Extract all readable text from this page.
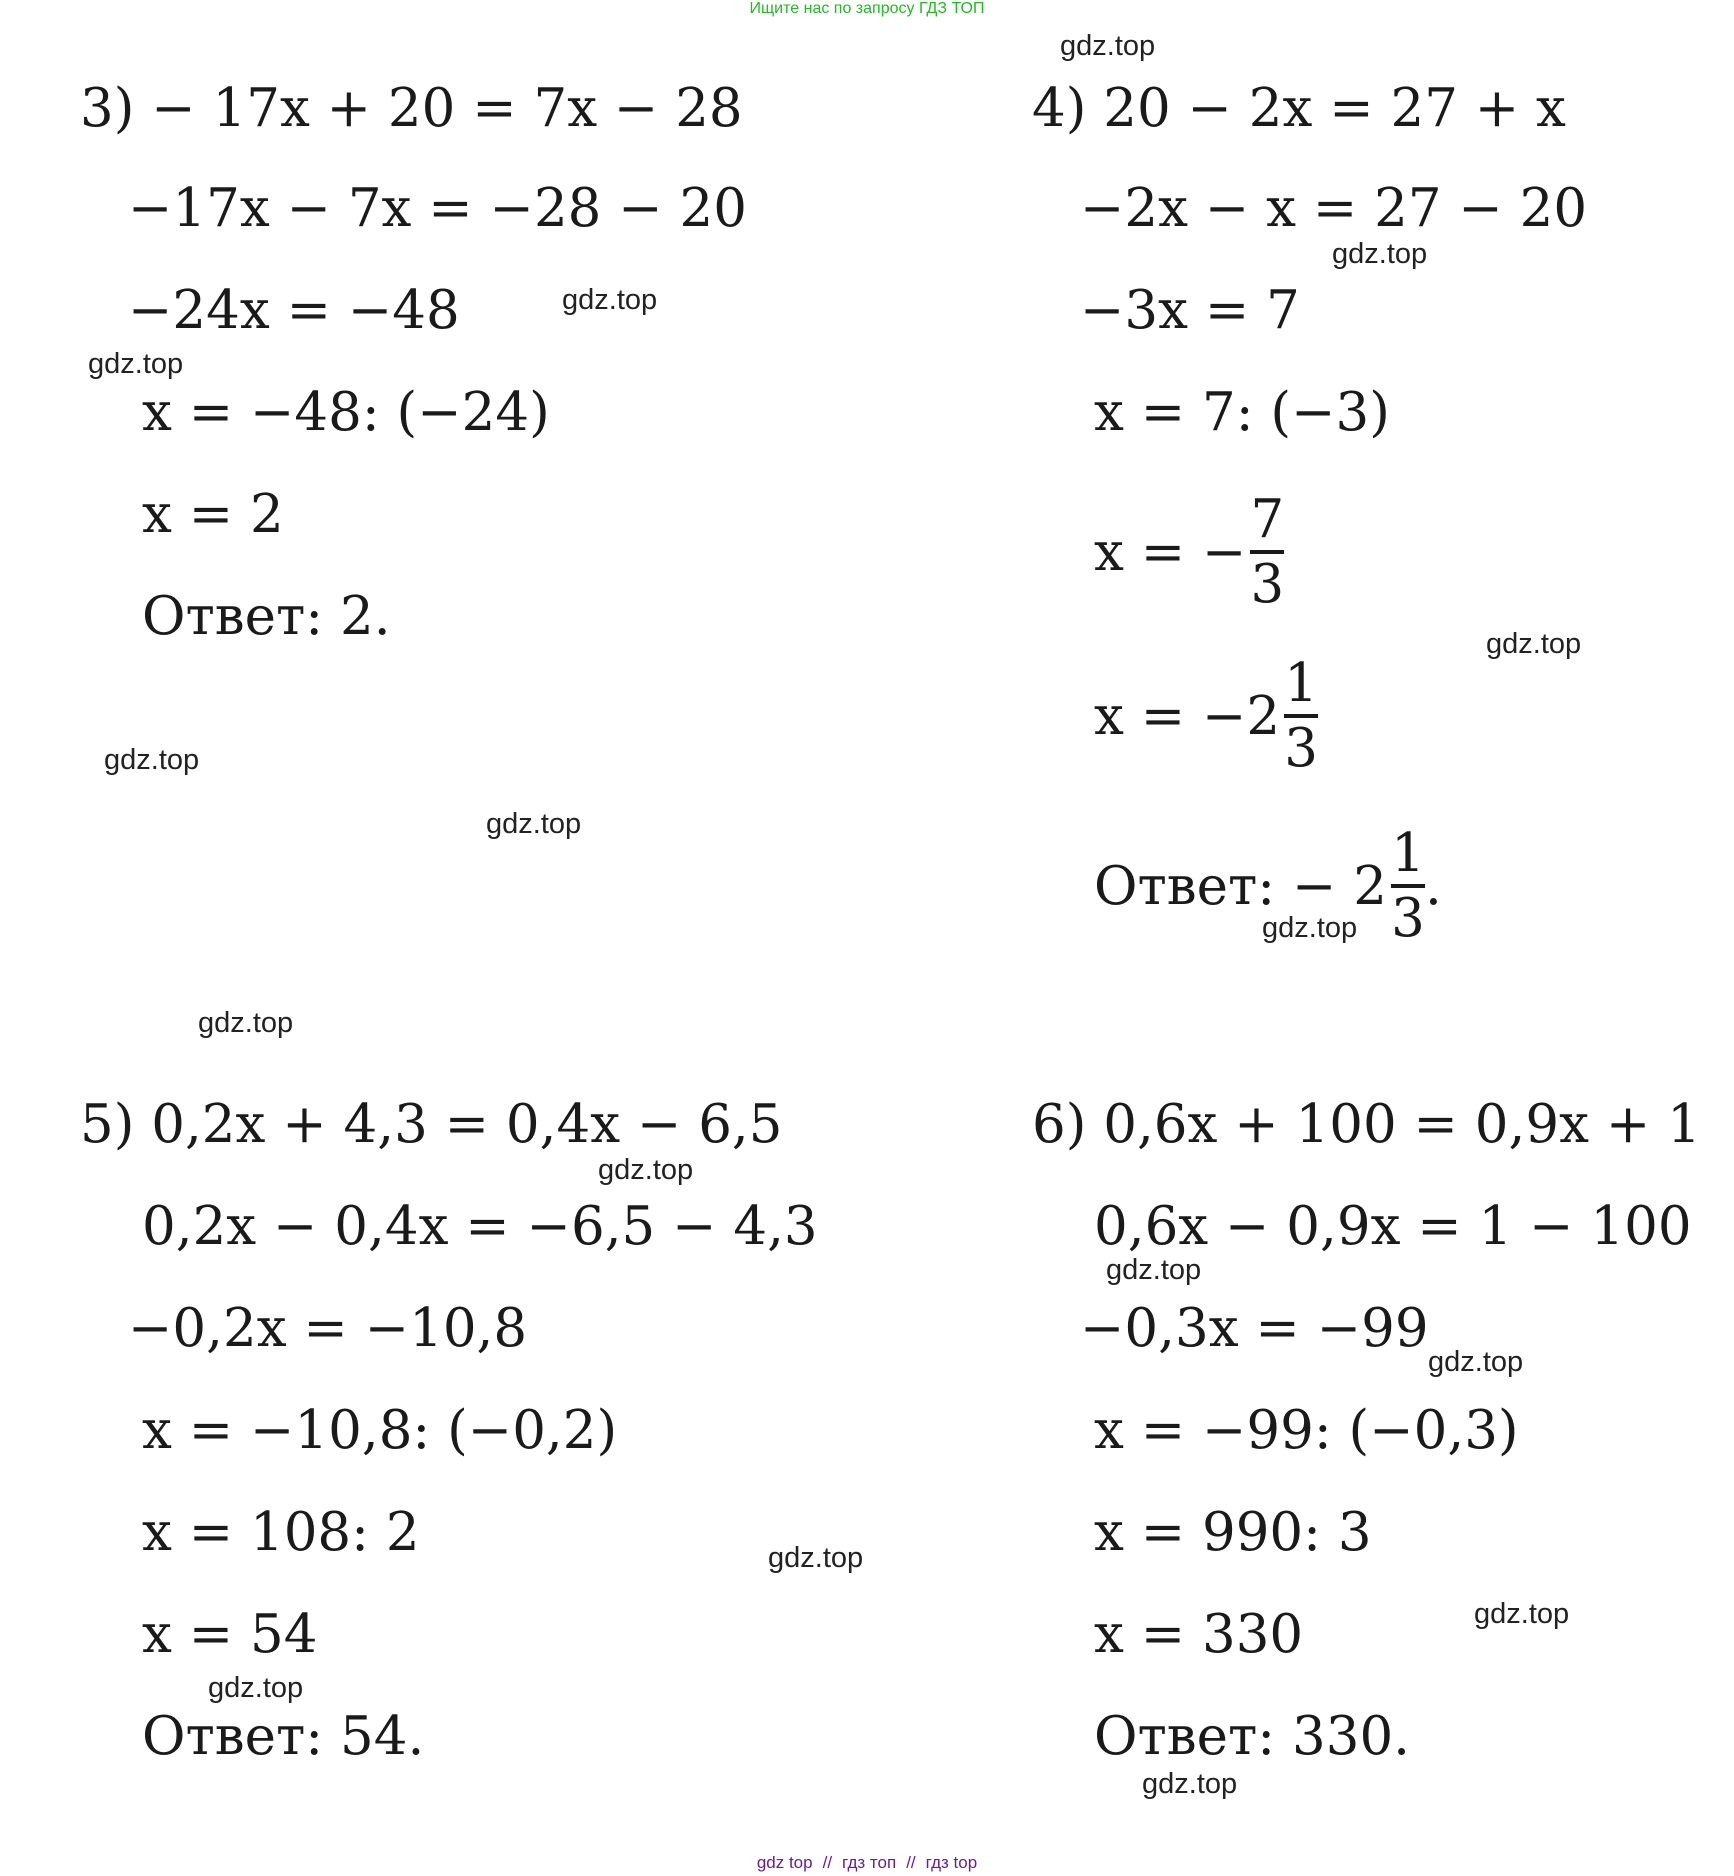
Ищите нас по запросу ГДЗ ТОП
3) − 17x + 20 = 7x − 28
−17x − 7x = −28 − 20
−24x = −48
x = −48: (−24)
x = 2
Ответ: 2.
4) 20 − 2x = 27 + x
−2x − x = 27 − 20
−3x = 7
x = 7: (−3)
x = − $\frac{7}{3}$
$x = -2 \frac{1}{3}$
Ответ: − $2 \frac{1}{3}$ .
5) 0,2x + 4,3 = 0,4x − 6,5
0,2x − 0,4x = −6,5 − 4,3
−0,2x = −10,8
x = −10,8: (−0,2)
x = 108: 2
x = 54
Ответ: 54.
6) 0,6x + 100 = 0,9x + 1
0,6x − 0,9x = 1 − 100
−0,3x = −99
x = −99: (−0,3)
x = 990: 3
x = 330
Ответ: 330.
gdz.top
gdz.top
gdz.top
gdz.top
gdz.top
gdz.top
gdz.top
gdz.top
gdz.top
gdz.top
gdz.top
gdz.top
gdz.top
gdz.top
gdz.top
gdz.top
gdz top // гдз топ // гдз top
